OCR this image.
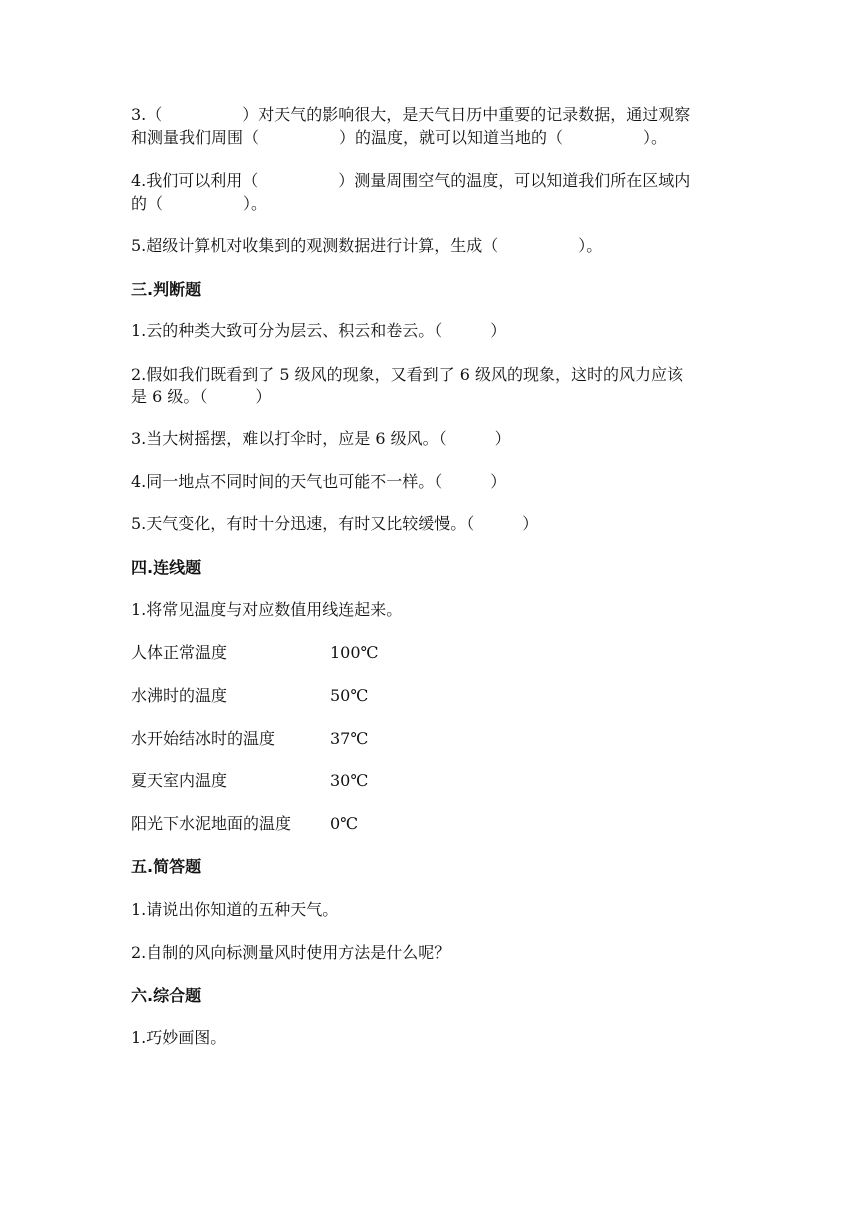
3.（　　　　　）对天气的影响很大，是天气日历中重要的记录数据，通过观察
和测量我们周围（　　　　　）的温度，就可以知道当地的（　　　　　）。
4.我们可以利用（　　　　　）测量周围空气的温度，可以知道我们所在区域内
的（　　　　　）。
5.超级计算机对收集到的观测数据进行计算，生成（　　　　　）。
三.判断题
1.云的种类大致可分为层云、积云和卷云。（　　　）
2.假如我们既看到了 5 级风的现象，又看到了 6 级风的现象，这时的风力应该
是 6 级。（　　　）
3.当大树摇摆，难以打伞时，应是 6 级风。（　　　）
4.同一地点不同时间的天气也可能不一样。（　　　）
5.天气变化，有时十分迅速，有时又比较缓慢。（　　　）
四.连线题
1.将常见温度与对应数值用线连起来。
人体正常温度	100℃
水沸时的温度	50℃
水开始结冰时的温度	37℃
夏天室内温度	30℃
阳光下水泥地面的温度 0℃
五.简答题
1.请说出你知道的五种天气。
2.自制的风向标测量风时使用方法是什么呢？
六.综合题
1.巧妙画图。
